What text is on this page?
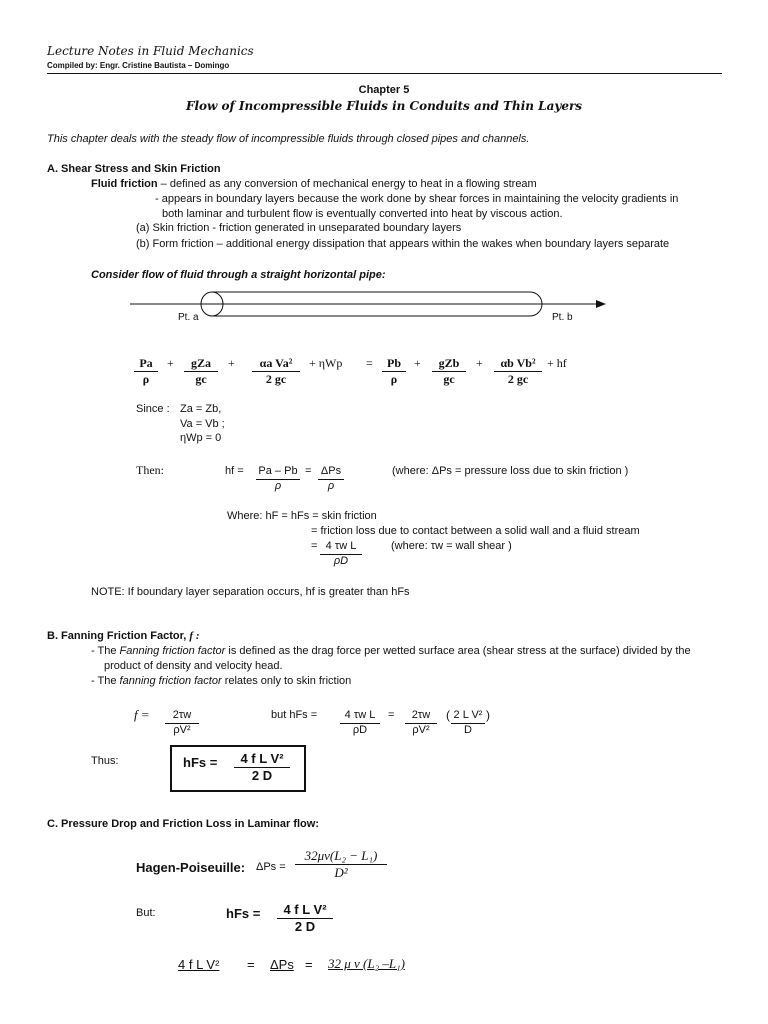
Lecture Notes in Fluid Mechanics
Compiled by: Engr. Cristine Bautista – Domingo
Chapter 5
Flow of Incompressible Fluids in Conduits and Thin Layers
This chapter deals with the steady flow of incompressible fluids through closed pipes and channels.
A. Shear Stress and Skin Friction
Fluid friction – defined as any conversion of mechanical energy to heat in a flowing stream
- appears in boundary layers because the work done by shear forces in maintaining the velocity gradients in
both laminar and turbulent flow is eventually converted into heat by viscous action.
(a) Skin friction - friction generated in unseparated boundary layers
(b) Form friction – additional energy dissipation that appears within the wakes when boundary layers separate
Consider flow of fluid through a straight horizontal pipe:
Pt. a	Pt. b
$\frac{Pa}{\rho}$ +	gZa
gc
+ $\frac{\text{αa Va²}}{2 gc} + \eta Wp = \frac{Pb}{\rho}$ +	gZb
gc
+ $\frac{\text{αb Vb²}}{2 gc}$ + hf
Since : Za = Zb,
Va = Vb ;
ηWp = 0
Then:	hf = $\frac{Pa - Pb}{\rho} = \Delta Ps$
ρ
(where: ΔPs = pressure loss due to skin friction )
Where: hF = hFs = skin friction
= friction loss due to contact between a solid wall and a fluid stream
= $\frac{\text{4 τw L}}{\rho D}$	(where: τw = wall shear )
NOTE: If boundary layer separation occurs, hf is greater than hFs
B. Fanning Friction Factor, f :
- The Fanning friction factor is defined as the drag force per wetted surface area (shear stress at the surface) divided by the
product of density and velocity head.
- The fanning friction factor relates only to skin friction
$f = \frac{2\tau w}{\text{ρV²}}$	but hFs = $\frac{\text{4 τw L}}{\rho D} = \frac{2\tau w}{\text{ρV²}}$ ( $\frac{\text{2 L V²}}{D}$ )
Thus:	hFs = $\frac{\text{4 f L V²}}{2 D}$
C. Pressure Drop and Friction Loss in Laminar flow:
Hagen-Poiseuille: $\Delta Ps = \frac{\text{32μv(L₂ − L₁)}}{\text{D²}}$
But:	hFs = $\frac{\text{4 f L V²}}{2 D}$
4 f L V² = ΔPs = 32 μ ν (L₂ –L₁)
